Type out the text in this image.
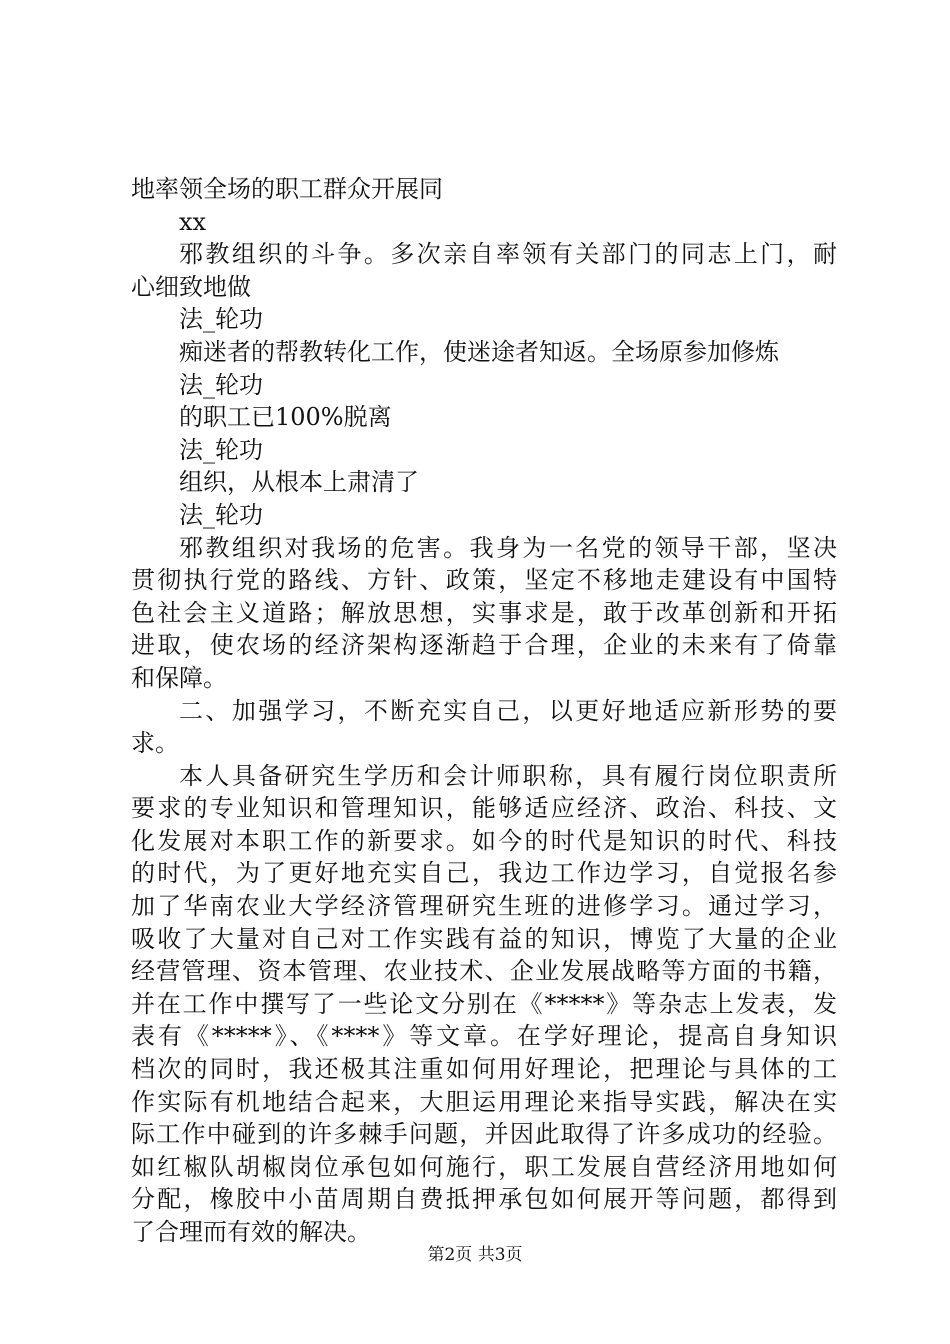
地率领全场的职工群众开展同

xx

邪教组织的斗争。多次亲自率领有关部门的同志上门，耐

心细致地做

法_轮功

痴迷者的帮教转化工作，使迷途者知返。全场原参加修炼

法_轮功

的职工已100%脱离

法_轮功

组织，从根本上肃清了

法_轮功

邪教组织对我场的危害。我身为一名党的领导干部，坚决

贯彻执行党的路线、方针、政策，坚定不移地走建设有中国特

色社会主义道路；解放思想，实事求是，敢于改革创新和开拓

进取，使农场的经济架构逐渐趋于合理，企业的未来有了倚靠

和保障。

二、加强学习，不断充实自己，以更好地适应新形势的要

求。

本人具备研究生学历和会计师职称，具有履行岗位职责所

要求的专业知识和管理知识，能够适应经济、政治、科技、文

化发展对本职工作的新要求。如今的时代是知识的时代、科技

的时代，为了更好地充实自己，我边工作边学习，自觉报名参

加了华南农业大学经济管理研究生班的进修学习。通过学习，

吸收了大量对自己对工作实践有益的知识，博览了大量的企业

经营管理、资本管理、农业技术、企业发展战略等方面的书籍，

并在工作中撰写了一些论文分别在《*****》等杂志上发表，发

表有《*****》、《****》等文章。在学好理论，提高自身知识

档次的同时，我还极其注重如何用好理论，把理论与具体的工

作实际有机地结合起来，大胆运用理论来指导实践，解决在实

际工作中碰到的许多棘手问题，并因此取得了许多成功的经验。

如红椒队胡椒岗位承包如何施行，职工发展自营经济用地如何

分配，橡胶中小苗周期自费抵押承包如何展开等问题，都得到

了合理而有效的解决。

第2页 共3页
